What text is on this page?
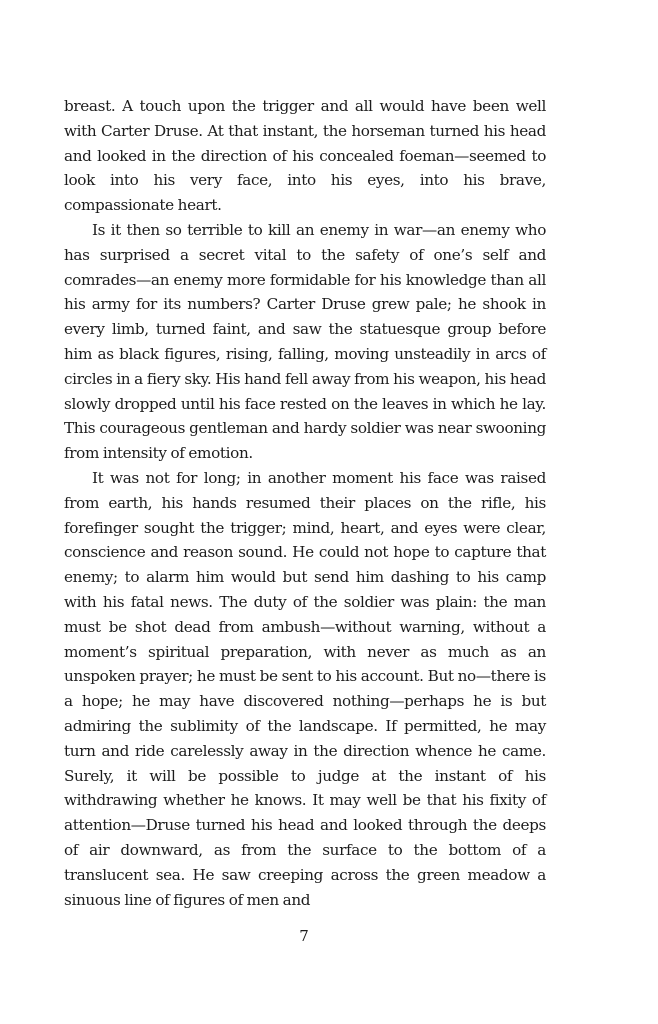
breast. A touch upon the trigger and all would have been well with Carter Druse. At that instant, the horseman turned his head and looked in the direction of his concealed foeman—seemed to look into his very face, into his eyes, into his brave, compassionate heart.

Is it then so terrible to kill an enemy in war—an enemy who has surprised a secret vital to the safety of one’s self and comrades—an enemy more formidable for his knowledge than all his army for its numbers? Carter Druse grew pale; he shook in every limb, turned faint, and saw the statuesque group before him as black figures, rising, falling, moving unsteadily in arcs of circles in a fiery sky. His hand fell away from his weapon, his head slowly dropped until his face rested on the leaves in which he lay. This courageous gentleman and hardy soldier was near swooning from intensity of emotion.

It was not for long; in another moment his face was raised from earth, his hands resumed their places on the rifle, his forefinger sought the trigger; mind, heart, and eyes were clear, conscience and reason sound. He could not hope to capture that enemy; to alarm him would but send him dashing to his camp with his fatal news. The duty of the soldier was plain: the man must be shot dead from ambush—without warning, without a moment’s spiritual preparation, with never as much as an unspoken prayer; he must be sent to his account. But no—there is a hope; he may have discovered nothing—perhaps he is but admiring the sublimity of the landscape. If permitted, he may turn and ride carelessly away in the direction whence he came. Surely, it will be possible to judge at the instant of his withdrawing whether he knows. It may well be that his fixity of attention—Druse turned his head and looked through the deeps of air downward, as from the surface to the bottom of a translucent sea. He saw creeping across the green meadow a sinuous line of figures of men and

7
